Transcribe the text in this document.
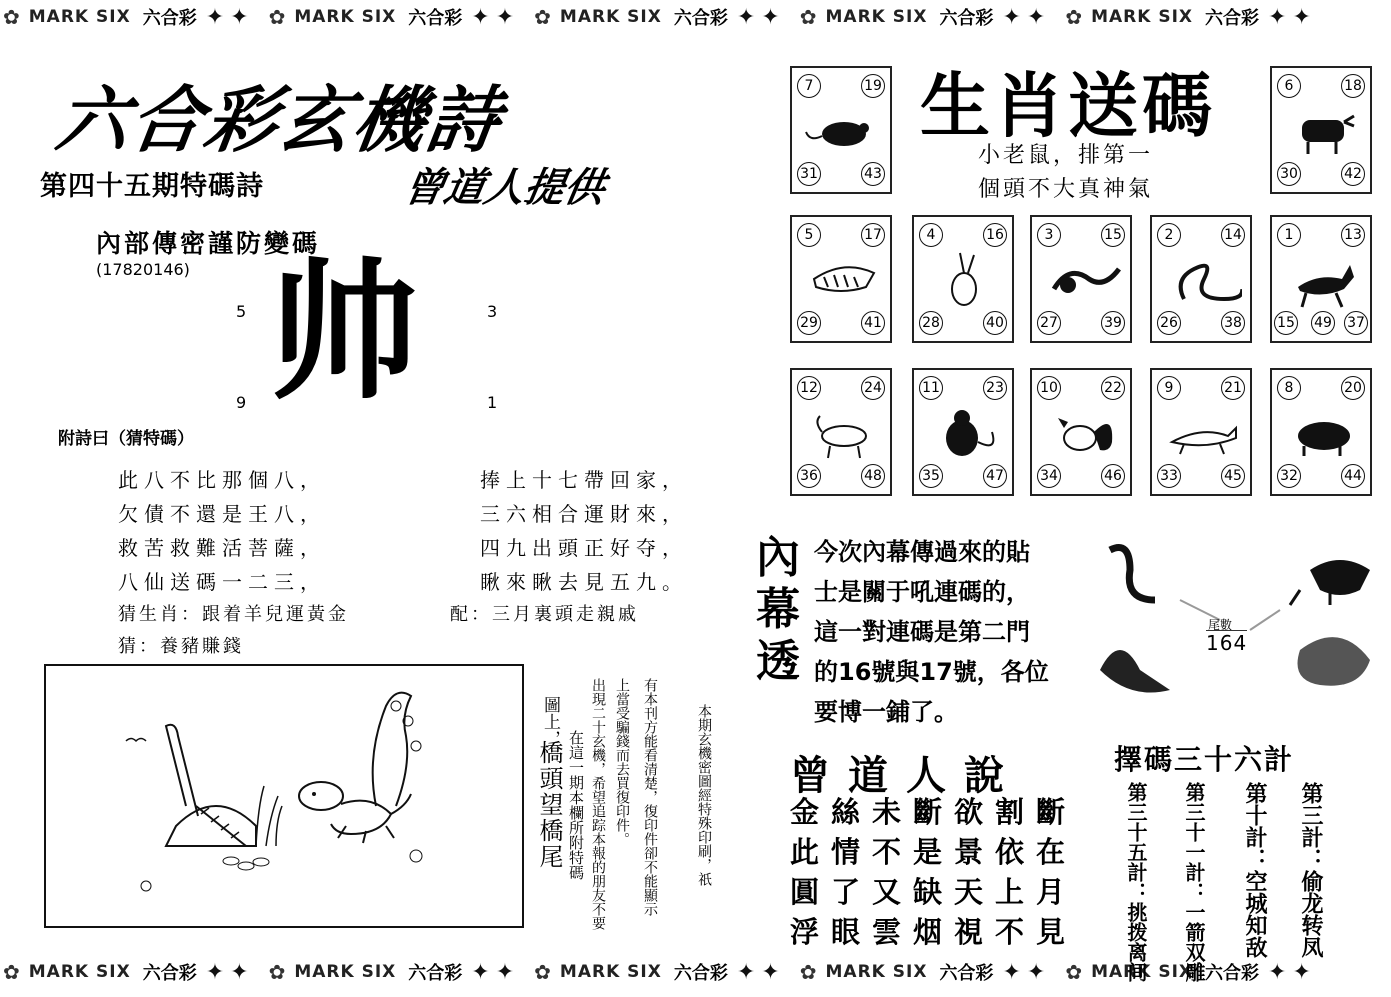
✿ MARK SIX 六合彩 ✦ ✦ ✿ MARK SIX 六合彩 ✦ ✦ ✿ MARK SIX 六合彩 ✦ ✦ ✿ MARK SIX 六合彩 ✦ ✦ ✿ MARK SIX 六合彩 ✦ ✦
✿ MARK SIX 六合彩 ✦ ✦ ✿ MARK SIX 六合彩 ✦ ✦ ✿ MARK SIX 六合彩 ✦ ✦ ✿ MARK SIX 六合彩 ✦ ✦ ✿ MARK SIX 六合彩 ✦ ✦
六合彩玄機詩
第四十五期特碼詩	曾道人提供
內部傳密謹防變碼
(17820146)
5	3
9	1
帅
附詩曰（猜特碼）
此八不比那個八，
欠債不還是王八，
救苦救難活菩薩，
八仙送碼一二三，
捧上十七帶回家，
三六相合運財來，
四九出頭正好夺，
瞅來瞅去見五九。
猜生肖：跟着羊兒運黃金	配：三月裏頭走親戚
猜：養豬賺錢
圖上，
橋頭望橋尾 在這一期本欄所附特碼 出現二十玄機，希望追踪本報的朋友不要 上當受騙錢而去買復印件。 有本刊方能看清楚，復印件卻不能顯示	本期玄機密圖經特殊印刷，祇
生肖送碼
小老鼠，排第一
個頭不大真神氣
7	19
31	43
6	18
30	42
5	17
29	41
4	16
28	40
3	15
27	39
2	14
26	38
1	13
15 49 37
12	24
36	48
11	23
35	47
10	22
34	46
9	21
33	45
8	20
32	44
內
幕
透
今次內幕傳過來的貼
士是關于吼連碼的，
這一對連碼是第二門
的16號與17號，各位
要博一鋪了。
尾數
164
曾道人說
金絲未斷欲割斷
此情不是景依在
圓了又缺天上月
浮眼雲烟視不見
擇碼三十六計
第三計：偷龙转凤
第十計：空城知敌
第三十一計：一箭双雕
第三十五計：挑拨离间
